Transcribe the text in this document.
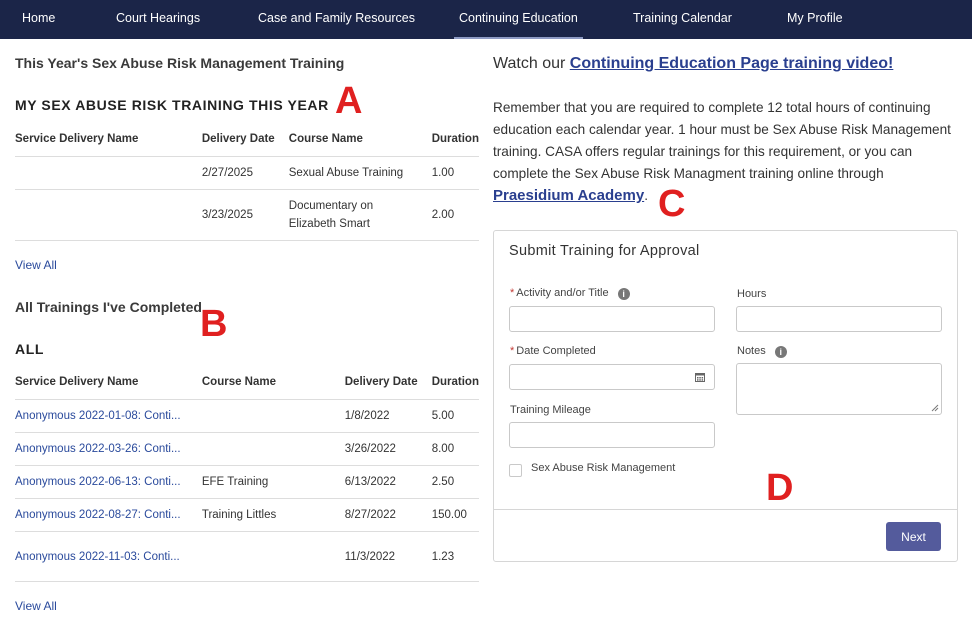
Home	Court Hearings	Case and Family Resources	Continuing Education	Training Calendar	My Profile
This Year's Sex Abuse Risk Management Training
MY SEX ABUSE RISK TRAINING THIS YEAR A
Service Delivery Name	Delivery Date	Course Name	Duration
	2/27/2025	Sexual Abuse Training	1.00
	3/23/2025	Documentary on Elizabeth Smart	2.00
View All
All Trainings I've Completed
B
ALL
Service Delivery Name	Course Name	Delivery Date	Duration
Anonymous 2022-01-08: Conti...		1/8/2022	5.00
Anonymous 2022-03-26: Conti...		3/26/2022	8.00
Anonymous 2022-06-13: Conti...	EFE Training	6/13/2022	2.50
Anonymous 2022-08-27: Conti...	Training Littles	8/27/2022	150.00
Anonymous 2022-11-03: Conti...		11/3/2022	1.23
View All
Watch our Continuing Education Page training video!
Remember that you are required to complete 12 total hours of continuing education each calendar year. 1 hour must be Sex Abuse Risk Management training. CASA offers regular trainings for this requirement, or you can complete the Sex Abuse Risk Managment training online through Praesidium Academy. C
Submit Training for Approval
* Activity and/or Title i	Hours
* Date Completed	Notes i
Training Mileage
Sex Abuse Risk Management
Next
D
